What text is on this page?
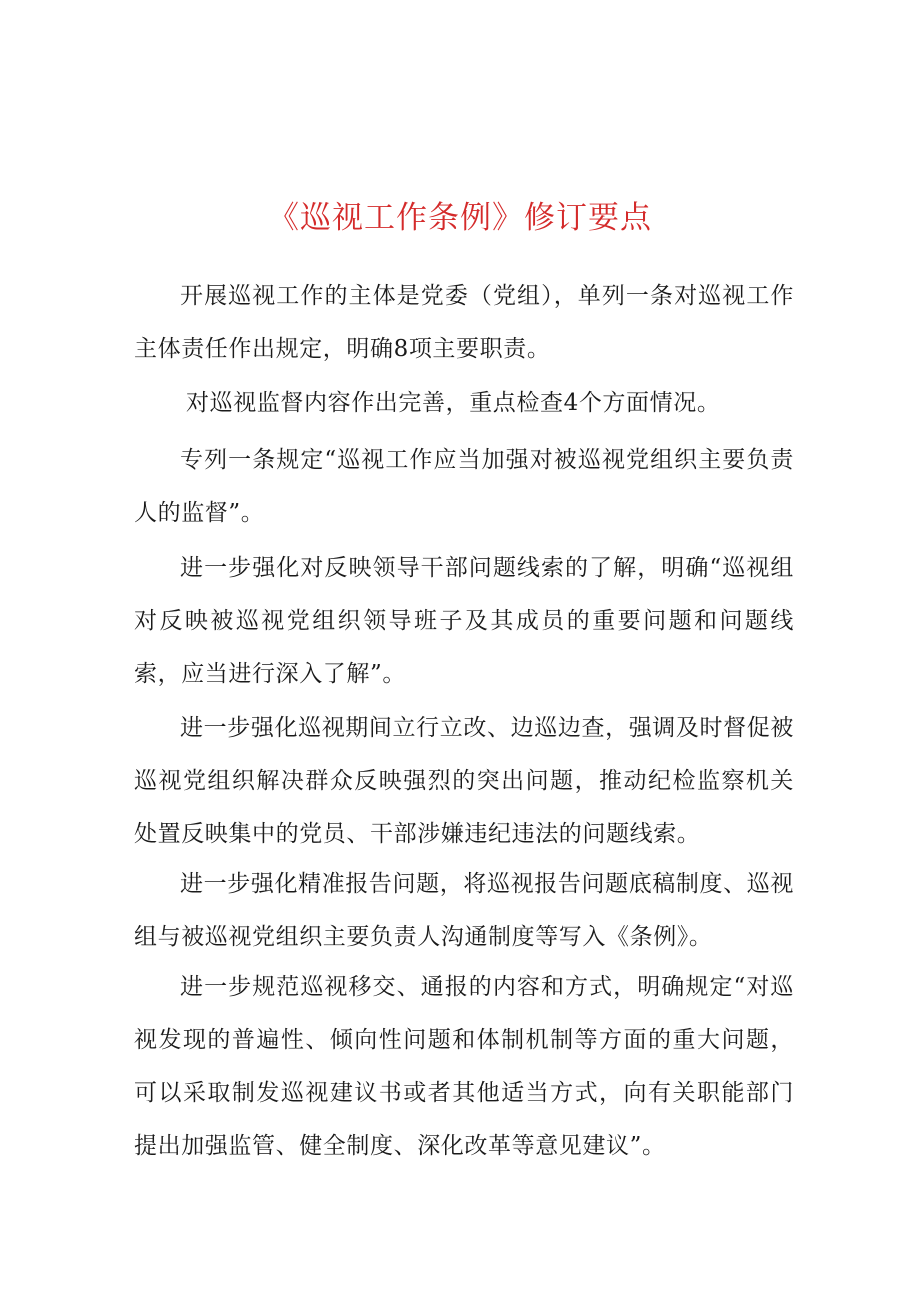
《巡视工作条例》修订要点

开展巡视工作的主体是党委（党组），单列一条对巡视工作主体责任作出规定，明确8项主要职责。

对巡视监督内容作出完善，重点检查4个方面情况。

专列一条规定“巡视工作应当加强对被巡视党组织主要负责人的监督”。

进一步强化对反映领导干部问题线索的了解，明确“巡视组对反映被巡视党组织领导班子及其成员的重要问题和问题线索，应当进行深入了解”。

进一步强化巡视期间立行立改、边巡边查，强调及时督促被巡视党组织解决群众反映强烈的突出问题，推动纪检监察机关处置反映集中的党员、干部涉嫌违纪违法的问题线索。

进一步强化精准报告问题，将巡视报告问题底稿制度、巡视组与被巡视党组织主要负责人沟通制度等写入《条例》。

进一步规范巡视移交、通报的内容和方式，明确规定“对巡视发现的普遍性、倾向性问题和体制机制等方面的重大问题，可以采取制发巡视建议书或者其他适当方式，向有关职能部门提出加强监管、健全制度、深化改革等意见建议”。
